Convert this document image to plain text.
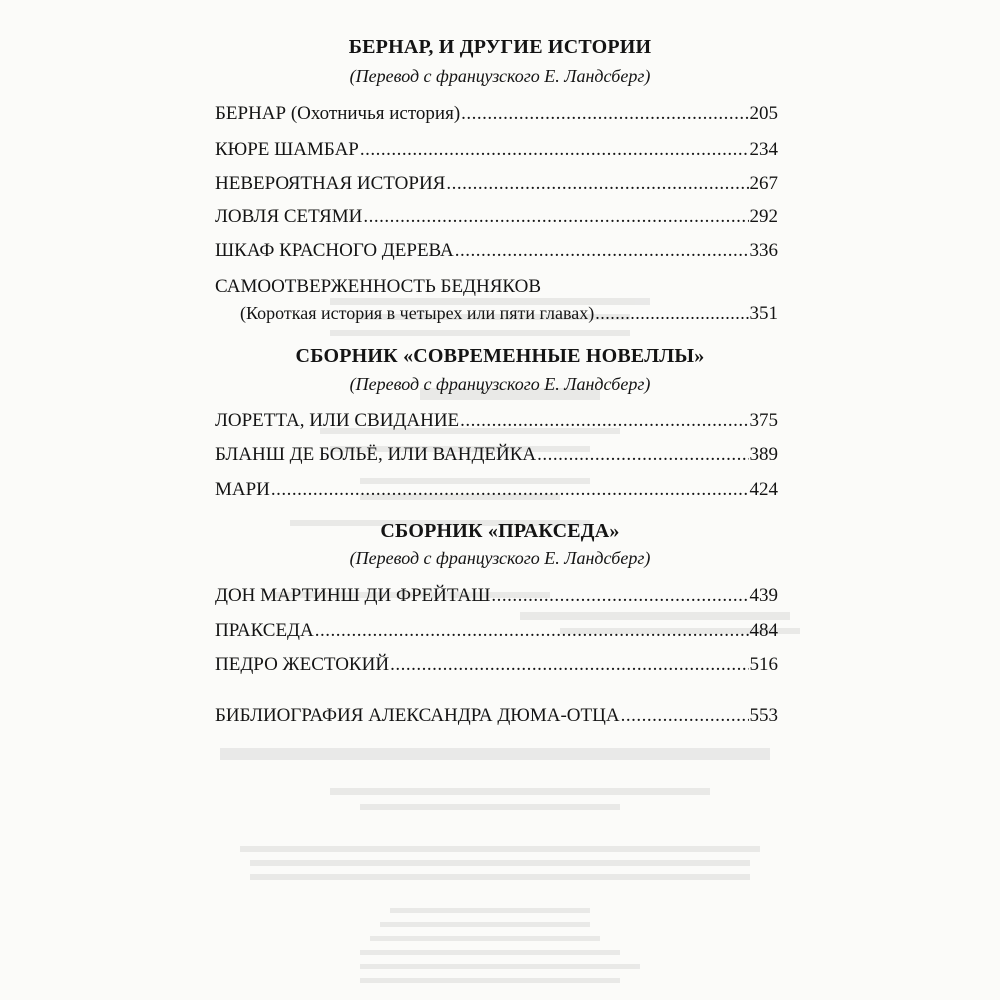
БЕРНАР, И ДРУГИЕ ИСТОРИИ
(Перевод с французского Е. Ландсберг)
БЕРНАР (Охотничья история) .....	205
КЮРЕ ШАМБАР .....	234
НЕВЕРОЯТНАЯ ИСТОРИЯ .....	267
ЛОВЛЯ СЕТЯМИ .....	292
ШКАФ КРАСНОГО ДЕРЕВА .....	336
САМООТВЕРЖЕННОСТЬ БЕДНЯКОВ
(Короткая история в четырех или пяти главах) .....	351
СБОРНИК «СОВРЕМЕННЫЕ НОВЕЛЛЫ»
(Перевод с французского Е. Ландсберг)
ЛОРЕТТА, ИЛИ СВИДАНИЕ .....	375
БЛАНШ ДЕ БОЛЬЁ, ИЛИ ВАНДЕЙКА .....	389
МАРИ .....	424
СБОРНИК «ПРАКСЕДА»
(Перевод с французского Е. Ландсберг)
ДОН МАРТИНШ ДИ ФРЕЙТАШ .....	439
ПРАКСЕДА .....	484
ПЕДРО ЖЕСТОКИЙ .....	516
БИБЛИОГРАФИЯ АЛЕКСАНДРА ДЮМА-ОТЦА .....	553
